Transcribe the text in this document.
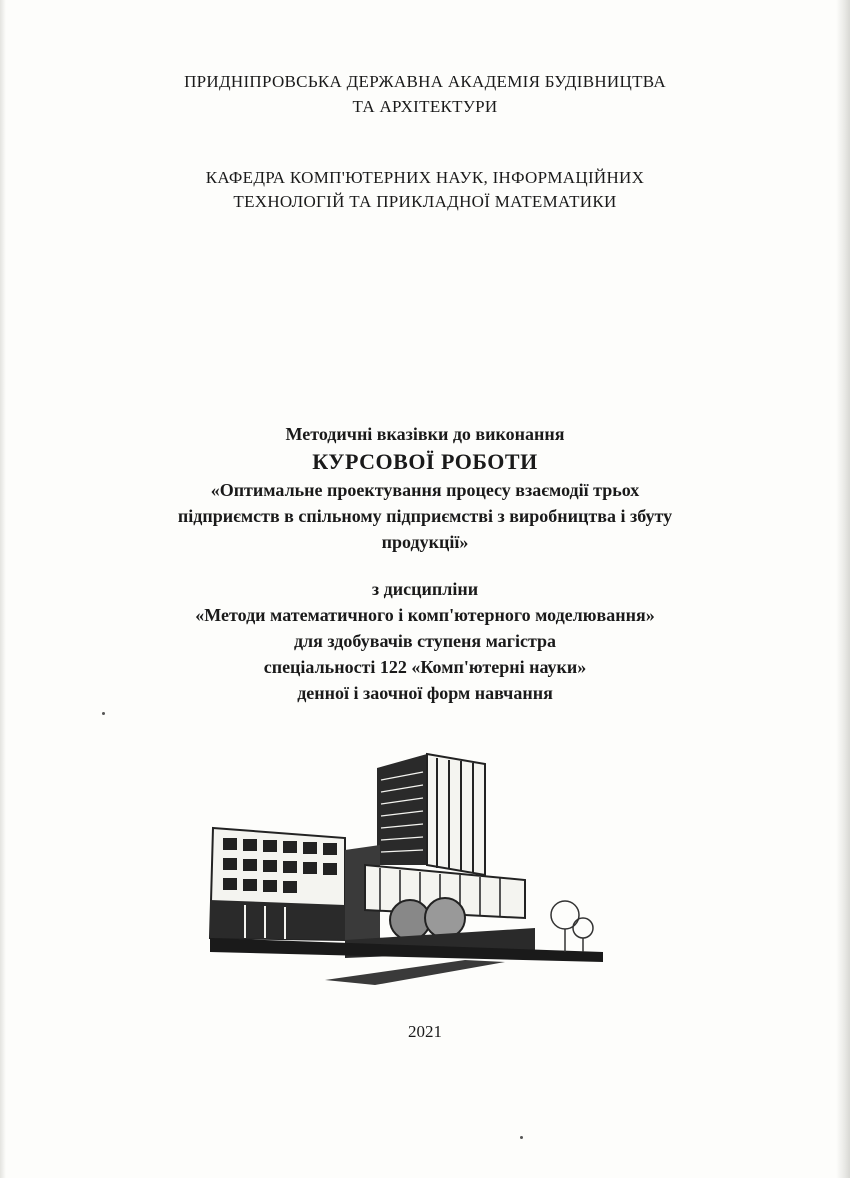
ПРИДНІПРОВСЬКА ДЕРЖАВНА АКАДЕМІЯ БУДІВНИЦТВА
ТА АРХІТЕКТУРИ
КАФЕДРА КОМП'ЮТЕРНИХ НАУК, ІНФОРМАЦІЙНИХ
ТЕХНОЛОГІЙ ТА ПРИКЛАДНОЇ МАТЕМАТИКИ
Методичні вказівки до виконання
КУРСОВОЇ РОБОТИ
«Оптимальне проектування процесу взаємодії трьох
підприємств в спільному підприємстві з виробництва і збуту
продукції»
з дисципліни
«Методи математичного і комп'ютерного моделювання»
для здобувачів ступеня магістра
спеціальності 122 «Комп'ютерні науки»
денної і заочної форм навчання
2021
